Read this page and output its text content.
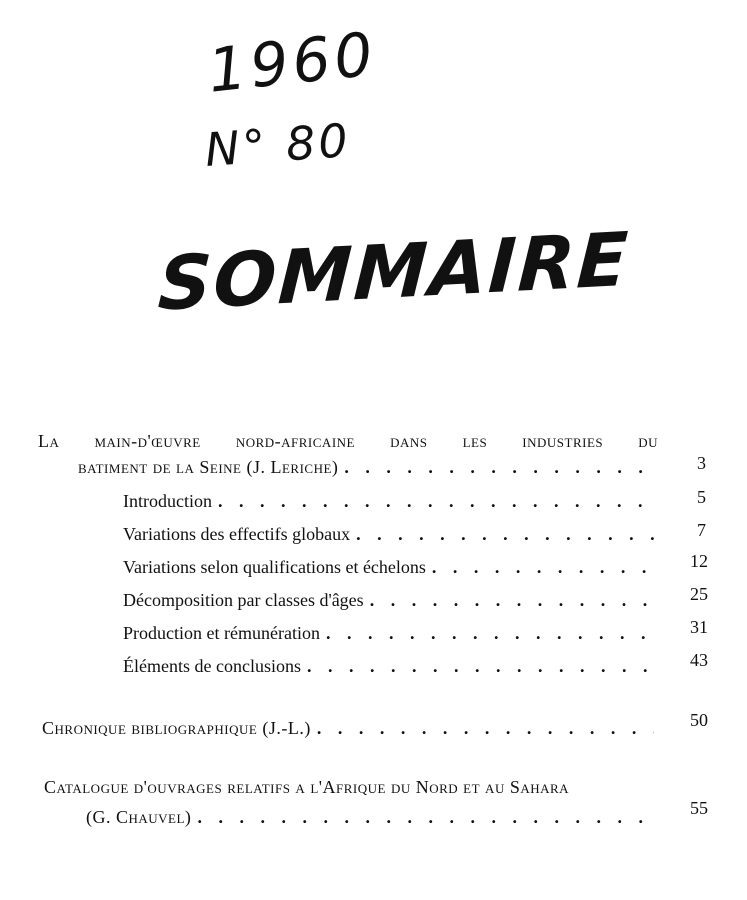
1960
N° 80
SOMMAIRE
La main-d'œuvre nord-africaine dans les industries du
batiment de la Seine (J. Leriche) . . .	3
Introduction . . .	5
Variations des effectifs globaux . . .	7
Variations selon qualifications et échelons . . .	12
Décomposition par classes d'âges . . .	25
Production et rémunération . . .	31
Éléments de conclusions . . .	43
Chronique bibliographique (J.-L.) . . .	50
Catalogue d'ouvrages relatifs a l'Afrique du Nord et au Sahara
(G. Chauvel) . . .	55
